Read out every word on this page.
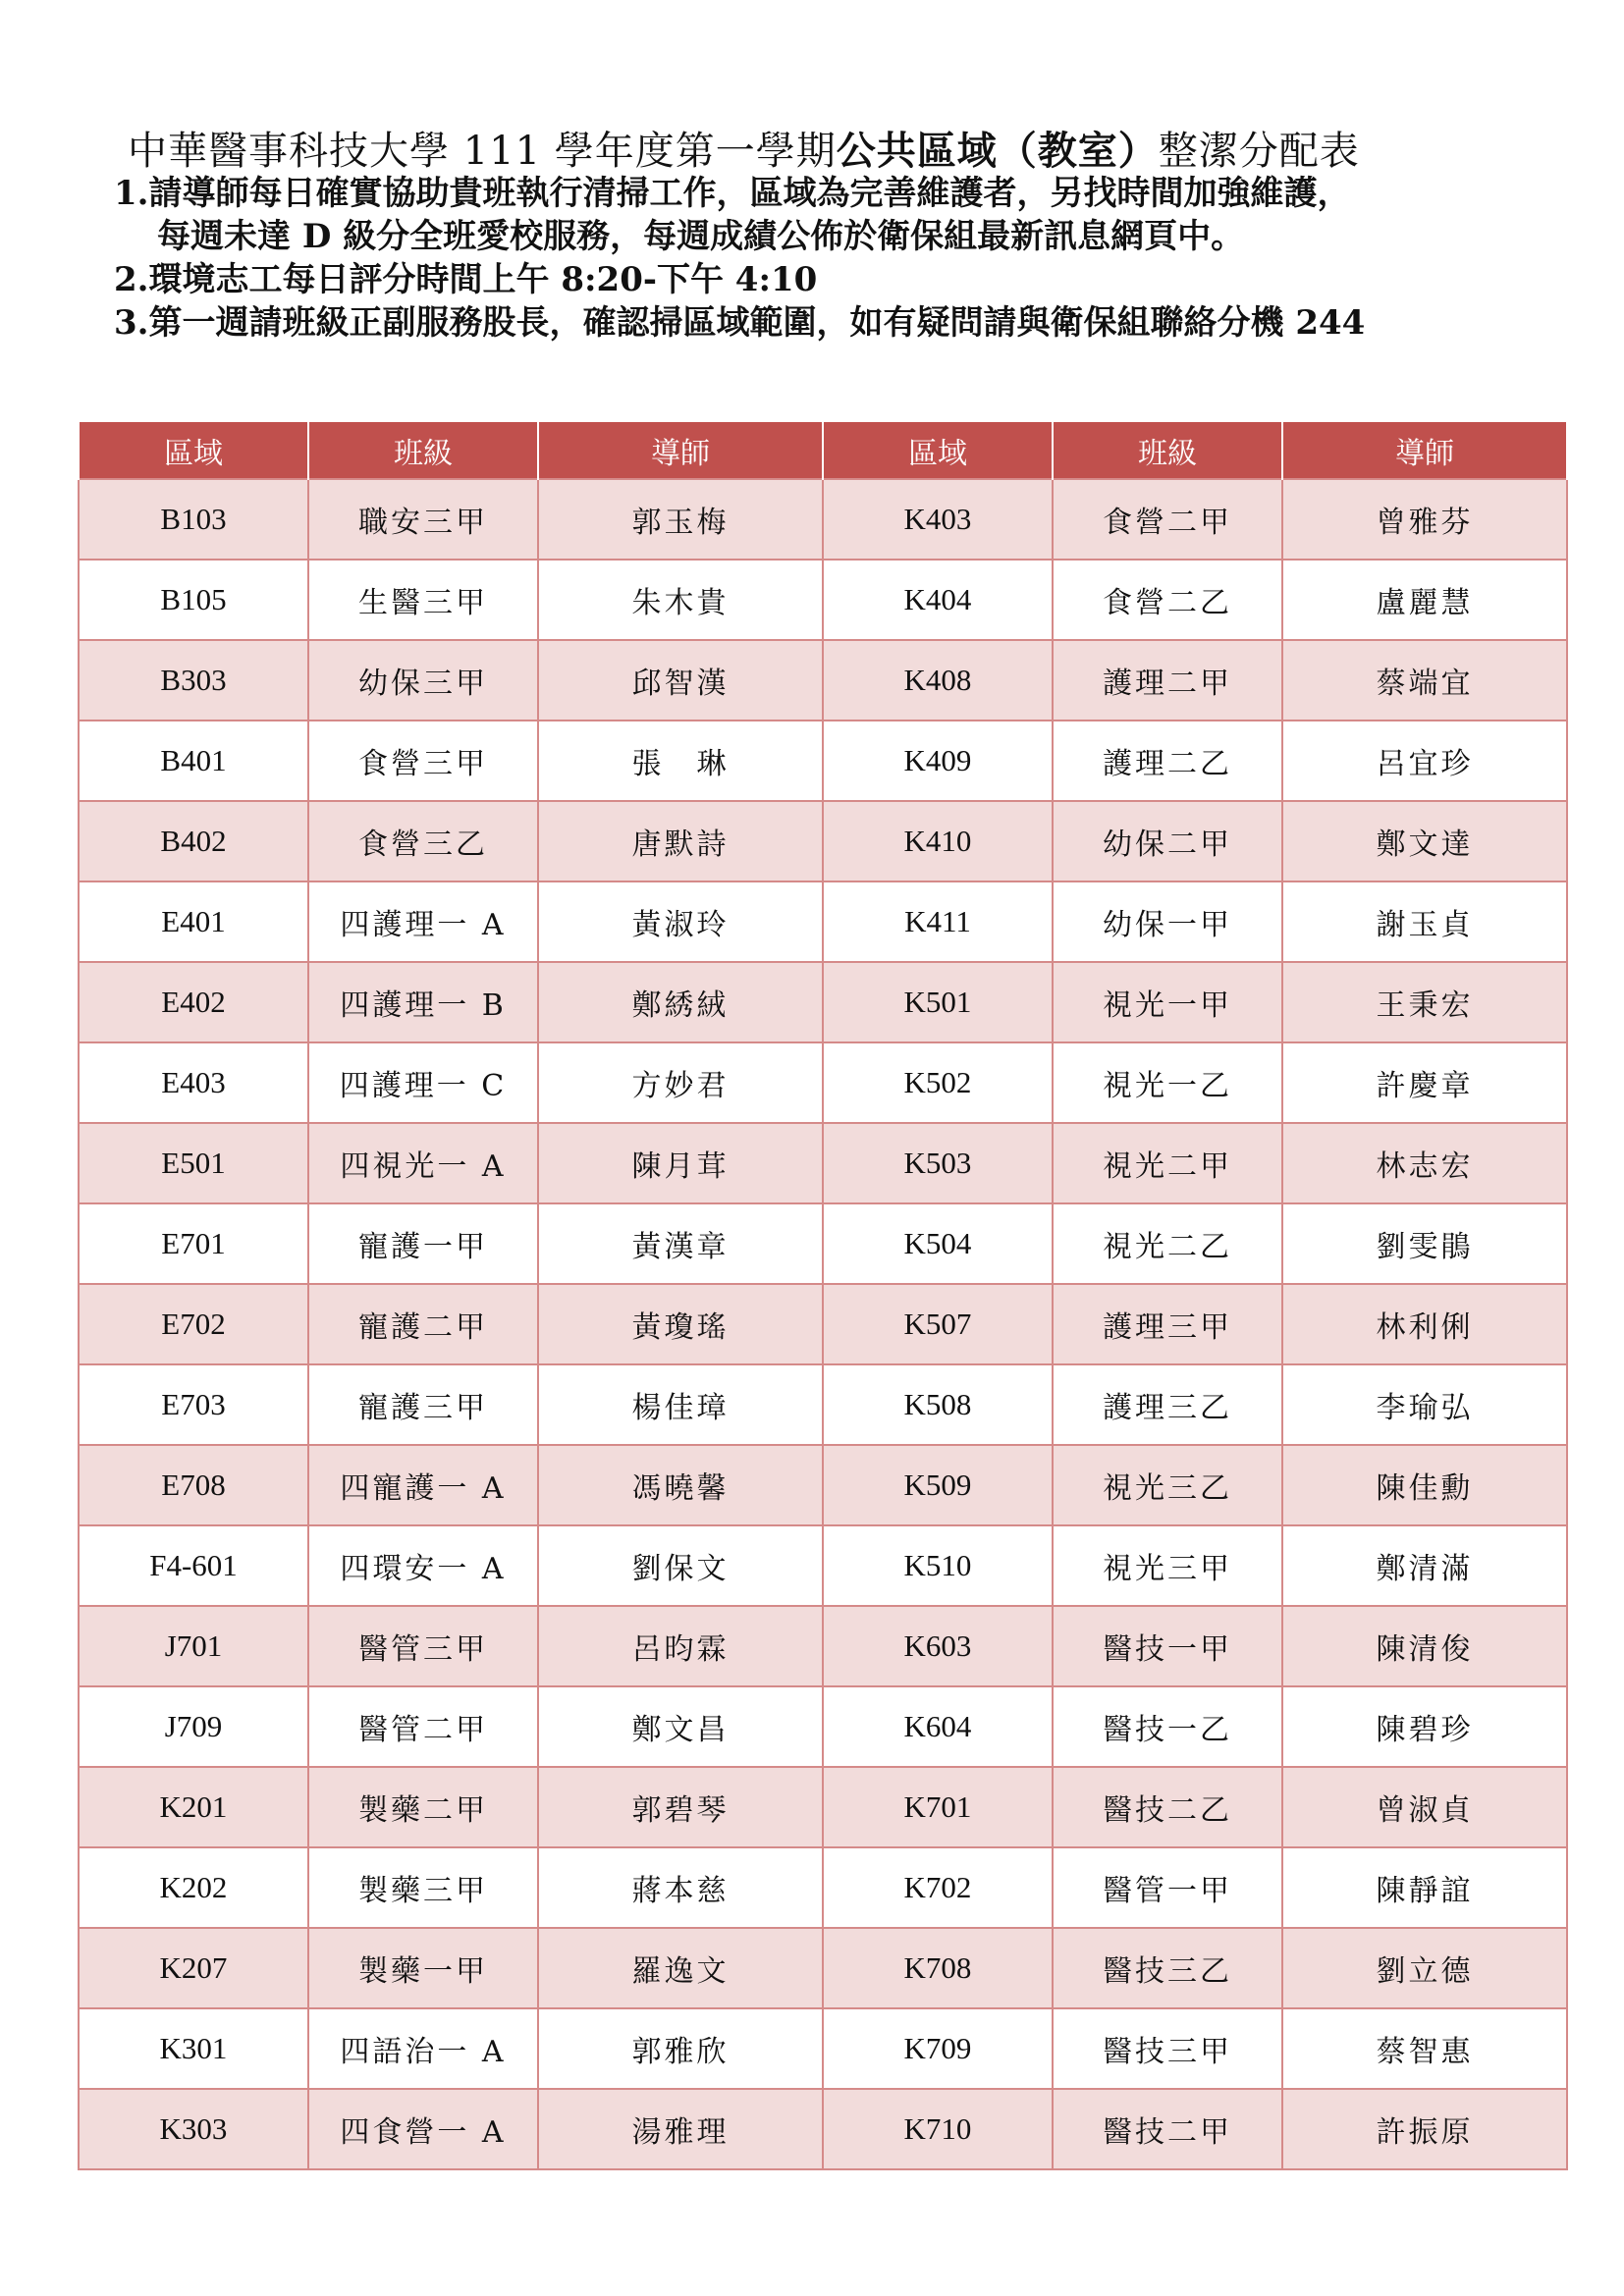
中華醫事科技大學 111 學年度第一學期公共區域（教室）整潔分配表
1.請導師每日確實協助貴班執行清掃工作，區域為完善維護者，另找時間加強維護，
每週未達 D 級分全班愛校服務，每週成績公佈於衛保組最新訊息網頁中。
2.環境志工每日評分時間上午 8:20-下午 4:10
3.第一週請班級正副服務股長，確認掃區域範圍，如有疑問請與衛保組聯絡分機 244
區域	班級	導師	區域	班級	導師
B103	職安三甲	郭玉梅	K403	食營二甲	曾雅芬
B105	生醫三甲	朱木貴	K404	食營二乙	盧麗慧
B303	幼保三甲	邱智漢	K408	護理二甲	蔡端宜
B401	食營三甲	張　琳	K409	護理二乙	呂宜珍
B402	食營三乙	唐默詩	K410	幼保二甲	鄭文達
E401	四護理一 A	黃淑玲	K411	幼保一甲	謝玉貞
E402	四護理一 B	鄭綉絨	K501	視光一甲	王秉宏
E403	四護理一 C	方妙君	K502	視光一乙	許慶章
E501	四視光一 A	陳月茸	K503	視光二甲	林志宏
E701	寵護一甲	黃漢章	K504	視光二乙	劉雯鵑
E702	寵護二甲	黃瓊瑤	K507	護理三甲	林利俐
E703	寵護三甲	楊佳璋	K508	護理三乙	李瑜弘
E708	四寵護一 A	馮曉馨	K509	視光三乙	陳佳勳
F4-601	四環安一 A	劉保文	K510	視光三甲	鄭清滿
J701	醫管三甲	呂昀霖	K603	醫技一甲	陳清俊
J709	醫管二甲	鄭文昌	K604	醫技一乙	陳碧珍
K201	製藥二甲	郭碧琴	K701	醫技二乙	曾淑貞
K202	製藥三甲	蔣本慈	K702	醫管一甲	陳靜誼
K207	製藥一甲	羅逸文	K708	醫技三乙	劉立德
K301	四語治一 A	郭雅欣	K709	醫技三甲	蔡智惠
K303	四食營一 A	湯雅理	K710	醫技二甲	許振原
